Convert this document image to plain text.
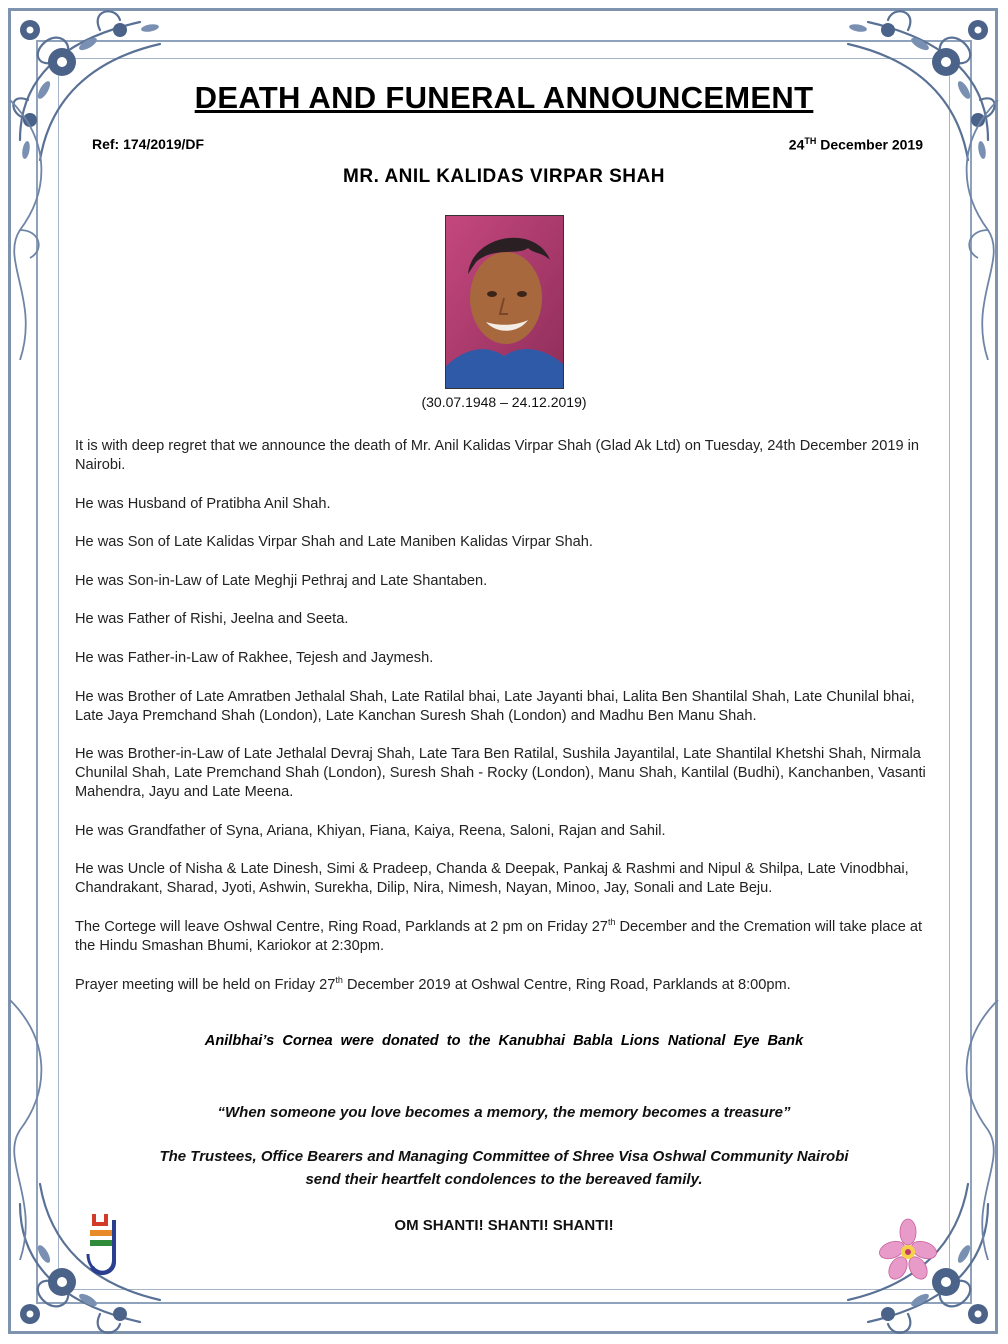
DEATH AND FUNERAL ANNOUNCEMENT
Ref: 174/2019/DF	24TH December 2019
MR. ANIL KALIDAS VIRPAR SHAH
(30.07.1948 – 24.12.2019)

It is with deep regret that we announce the death of Mr. Anil Kalidas Virpar Shah (Glad Ak Ltd) on Tuesday, 24th December 2019 in Nairobi.

He was Husband of Pratibha Anil Shah.

He was Son of Late Kalidas Virpar Shah and Late Maniben Kalidas Virpar Shah.

He was Son-in-Law of Late Meghji Pethraj and Late Shantaben.

He was Father of Rishi, Jeelna and Seeta.

He was Father-in-Law of Rakhee, Tejesh and Jaymesh.

He was Brother of Late Amratben Jethalal Shah, Late Ratilal bhai, Late Jayanti bhai, Lalita Ben Shantilal Shah, Late Chunilal bhai, Late Jaya Premchand Shah (London), Late Kanchan Suresh Shah (London) and Madhu Ben Manu Shah.

He was Brother-in-Law of Late Jethalal Devraj Shah, Late Tara Ben Ratilal, Sushila Jayantilal, Late Shantilal Khetshi Shah, Nirmala Chunilal Shah, Late Premchand Shah (London), Suresh Shah - Rocky (London), Manu Shah, Kantilal (Budhi), Kanchanben, Vasanti Mahendra, Jayu and Late Meena.

He was Grandfather of Syna, Ariana, Khiyan, Fiana, Kaiya, Reena, Saloni, Rajan and Sahil.

He was Uncle of Nisha & Late Dinesh, Simi & Pradeep, Chanda & Deepak, Pankaj & Rashmi and Nipul & Shilpa, Late Vinodbhai, Chandrakant, Sharad, Jyoti, Ashwin, Surekha, Dilip, Nira, Nimesh, Nayan, Minoo, Jay, Sonali and Late Beju.

The Cortege will leave Oshwal Centre, Ring Road, Parklands at 2 pm on Friday 27th December and the Cremation will take place at the Hindu Smashan Bhumi, Kariokor at 2:30pm.

Prayer meeting will be held on Friday 27th December 2019 at Oshwal Centre, Ring Road, Parklands at 8:00pm.

Anilbhai’s Cornea were donated to the Kanubhai Babla Lions National Eye Bank
“When someone you love becomes a memory, the memory becomes a treasure”
The Trustees, Office Bearers and Managing Committee of Shree Visa Oshwal Community Nairobi
send their heartfelt condolences to the bereaved family.
OM SHANTI! SHANTI! SHANTI!
